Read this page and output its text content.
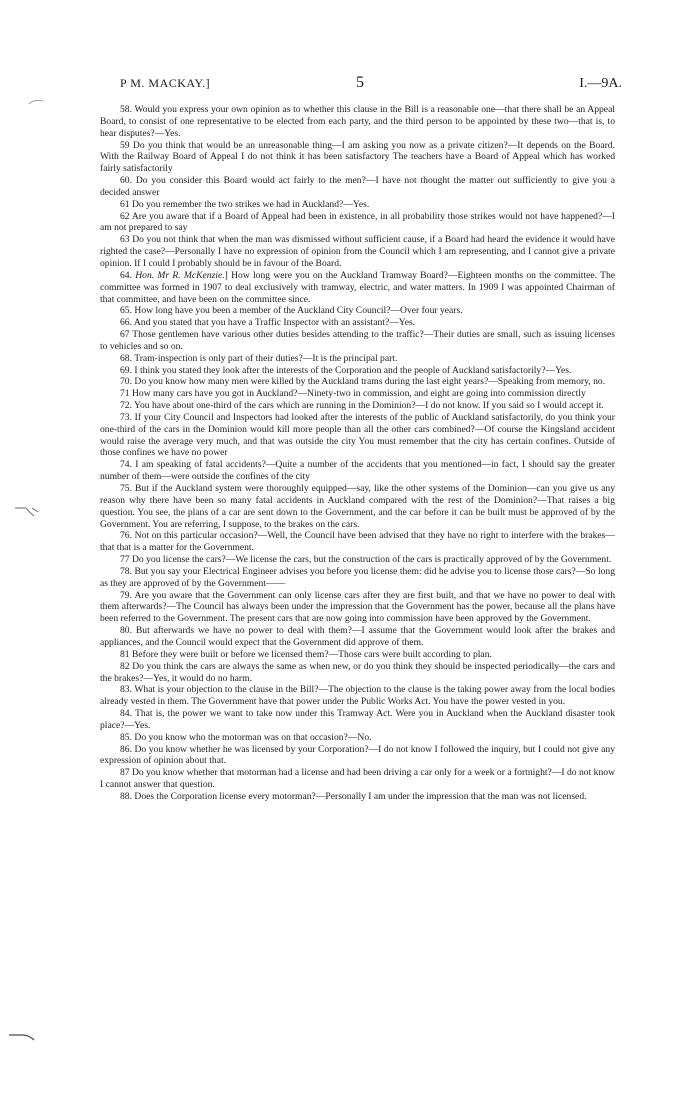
P M. MACKAY.]	5	I.—9A.

58. Would you express your own opinion as to whether this clause in the Bill is a reasonable one—that there shall be an Appeal Board, to consist of one representative to be elected from each party, and the third person to be appointed by these two—that is, to hear disputes?—Yes.

59 Do you think that would be an unreasonable thing—I am asking you now as a private citizen?—It depends on the Board. With the Railway Board of Appeal I do not think it has been satisfactory The teachers have a Board of Appeal which has worked fairly satisfactorily

60. Do you consider this Board would act fairly to the men?—I have not thought the matter out sufficiently to give you a decided answer

61 Do you remember the two strikes we had in Auckland?—Yes.

62 Are you aware that if a Board of Appeal had been in existence, in all probability those strikes would not have happened?—I am not prepared to say

63 Do you not think that when the man was dismissed without sufficient cause, if a Board had heard the evidence it would have righted the case?—Personally I have no expression of opinion from the Council which I am representing, and I cannot give a private opinion. If I could I probably should be in favour of the Board.

64. Hon. Mr R. McKenzie.] How long were you on the Auckland Tramway Board?—Eighteen months on the committee. The committee was formed in 1907 to deal exclusively with tramway, electric, and water matters. In 1909 I was appointed Chairman of that committee, and have been on the committee since.

65. How long have you been a member of the Auckland City Council?—Over four years.

66. And you stated that you have a Traffic Inspector with an assistant?—Yes.

67 Those gentlemen have various other duties besides attending to the traffic?—Their duties are small, such as issuing licenses to vehicles and so on.

68. Tram-inspection is only part of their duties?—It is the principal part.

69. I think you stated they look after the interests of the Corporation and the people of Auckland satisfactorily?—Yes.

70. Do you know how many men were killed by the Auckland trams during the last eight years?—Speaking from memory, no.

71 How many cars have you got in Auckland?—Ninety-two in commission, and eight are going into commission directly

72. You have about one-third of the cars which are running in the Dominion?—I do not know. If you said so I would accept it.

73. If your City Council and Inspectors had looked after the interests of the public of Auckland satisfactorily, do you think your one-third of the cars in the Dominion would kill more people than all the other cars combined?—Of course the Kingsland accident would raise the average very much, and that was outside the city You must remember that the city has certain confines. Outside of those confines we have no power

74. I am speaking of fatal accidents?—Quite a number of the accidents that you mentioned—in fact, I should say the greater number of them—were outside the confines of the city

75. But if the Auckland system were thoroughly equipped—say, like the other systems of the Dominion—can you give us any reason why there have been so many fatal accidents in Auckland compared with the rest of the Dominion?—That raises a big question. You see, the plans of a car are sent down to the Government, and the car before it can be built must be approved of by the Government. You are referring, I suppose, to the brakes on the cars.

76. Not on this particular occasion?—Well, the Council have been advised that they have no right to interfere with the brakes—that that is a matter for the Government.

77 Do you license the cars?—We license the cars, but the construction of the cars is practically approved of by the Government.

78. But you say your Electrical Engineer advises you before you license them: did he advise you to license those cars?—So long as they are approved of by the Government——

79. Are you aware that the Government can only license cars after they are first built, and that we have no power to deal with them afterwards?—The Council has always been under the impression that the Government has the power, because all the plans have been referred to the Government. The present cars that are now going into commission have been approved by the Government.

80. But afterwards we have no power to deal with them?—I assume that the Government would look after the brakes and appliances, and the Council would expect that the Government did approve of them.

81 Before they were built or before we licensed them?—Those cars were built according to plan.

82 Do you think the cars are always the same as when new, or do you think they should be inspected periodically—the cars and the brakes?—Yes, it would do no harm.

83. What is your objection to the clause in the Bill?—The objection to the clause is the taking power away from the local bodies already vested in them. The Government have that power under the Public Works Act. You have the power vested in you.

84. That is, the power we want to take now under this Tramway Act. Were you in Auckland when the Auckland disaster took place?—Yes.

85. Do you know who the motorman was on that occasion?—No.

86. Do you know whether he was licensed by your Corporation?—I do not know I followed the inquiry, but I could not give any expression of opinion about that.

87 Do you know whether that motorman had a license and had been driving a car only for a week or a fortnight?—I do not know I cannot answer that question.

88. Does the Corporation license every motorman?—Personally I am under the impression that the man was not licensed.
